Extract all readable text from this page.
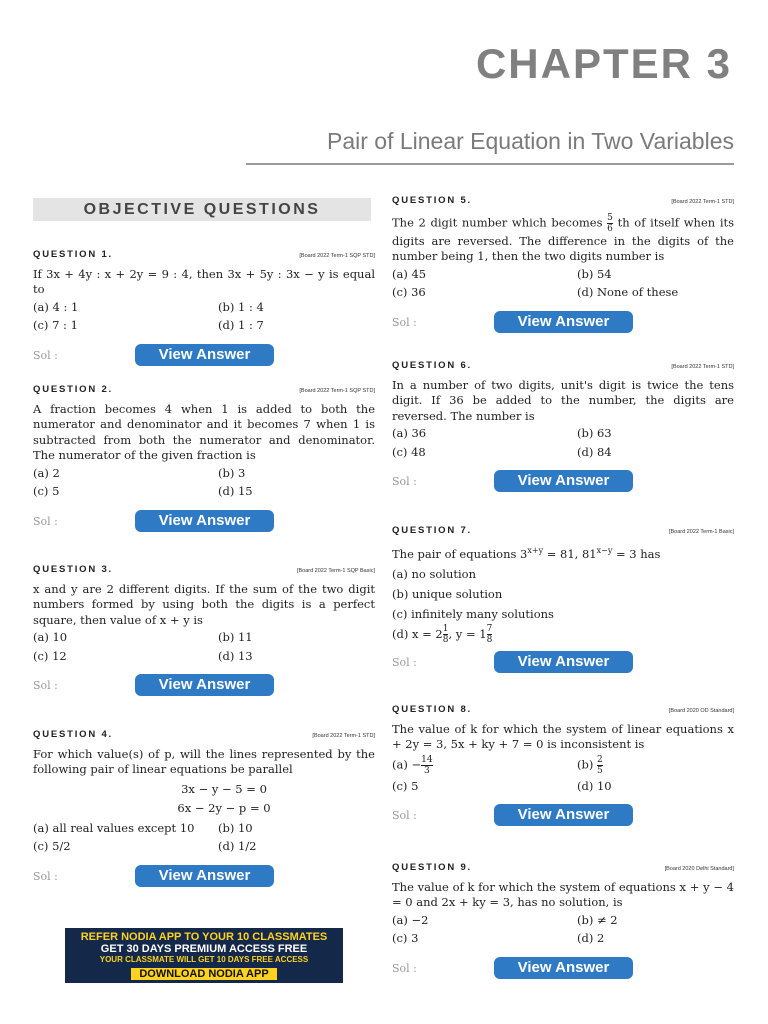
CHAPTER 3
Pair of Linear Equation in Two Variables
OBJECTIVE QUESTIONS
QUESTION 1.	[Board 2022 Term-1 SQP STD]
If 3x + 4y : x + 2y = 9 : 4, then 3x + 5y : 3x − y is equal to
(a) 4 : 1	(b) 1 : 4
(c) 7 : 1	(d) 1 : 7
Sol :	View Answer
QUESTION 2.	[Board 2022 Term-1 SQP STD]
A fraction becomes 4 when 1 is added to both the numerator and denominator and it becomes 7 when 1 is subtracted from both the numerator and denominator. The numerator of the given fraction is
(a) 2	(b) 3
(c) 5	(d) 15
Sol :	View Answer
QUESTION 3.	[Board 2022 Term-1 SQP Basic]
x and y are 2 different digits. If the sum of the two digit numbers formed by using both the digits is a perfect square, then value of x + y is
(a) 10	(b) 11
(c) 12	(d) 13
Sol :	View Answer
QUESTION 4.	[Board 2022 Term-1 STD]
For which value(s) of p, will the lines represented by the following pair of linear equations be parallel
3x − y − 5 = 0
6x − 2y − p = 0
(a) all real values except 10	(b) 10
(c) 5/2	(d) 1/2
Sol :	View Answer
REFER NODIA APP TO YOUR 10 CLASSMATES
GET 30 DAYS PREMIUM ACCESS FREE
YOUR CLASSMATE WILL GET 10 DAYS FREE ACCESS
DOWNLOAD NODIA APP
QUESTION 5.	[Board 2022 Term-1 STD]
The 2 digit number which becomes $\frac{5}{6}$ th of itself when its digits are reversed. The difference in the digits of the number being 1, then the two digits number is
(a) 45	(b) 54
(c) 36	(d) None of these
Sol :	View Answer
QUESTION 6.	[Board 2022 Term-1 STD]
In a number of two digits, unit's digit is twice the tens digit. If 36 be added to the number, the digits are reversed. The number is
(a) 36	(b) 63
(c) 48	(d) 84
Sol :	View Answer
QUESTION 7.	[Board 2022 Term-1 Basic]
The pair of equations $3^{x+y} = 81$, $81^{x-y} = 3$ has
(a) no solution
(b) unique solution
(c) infinitely many solutions
(d) $x = 2 \frac{1}{8}$ , $y = 1 \frac{7}{8}$
Sol :	View Answer
QUESTION 8.	[Board 2020 OD Standard]
The value of k for which the system of linear equations x + 2y = 3, 5x + ky + 7 = 0 is inconsistent is
$(a) - \frac{14}{3}$	$(b) \frac{2}{5}$
(c) 5	(d) 10
Sol :	View Answer
QUESTION 9.	[Board 2020 Delhi Standard]
The value of k for which the system of equations x + y − 4 = 0 and 2x + ky = 3, has no solution, is
(a) −2	(b) ≠ 2
(c) 3	(d) 2
Sol :	View Answer
